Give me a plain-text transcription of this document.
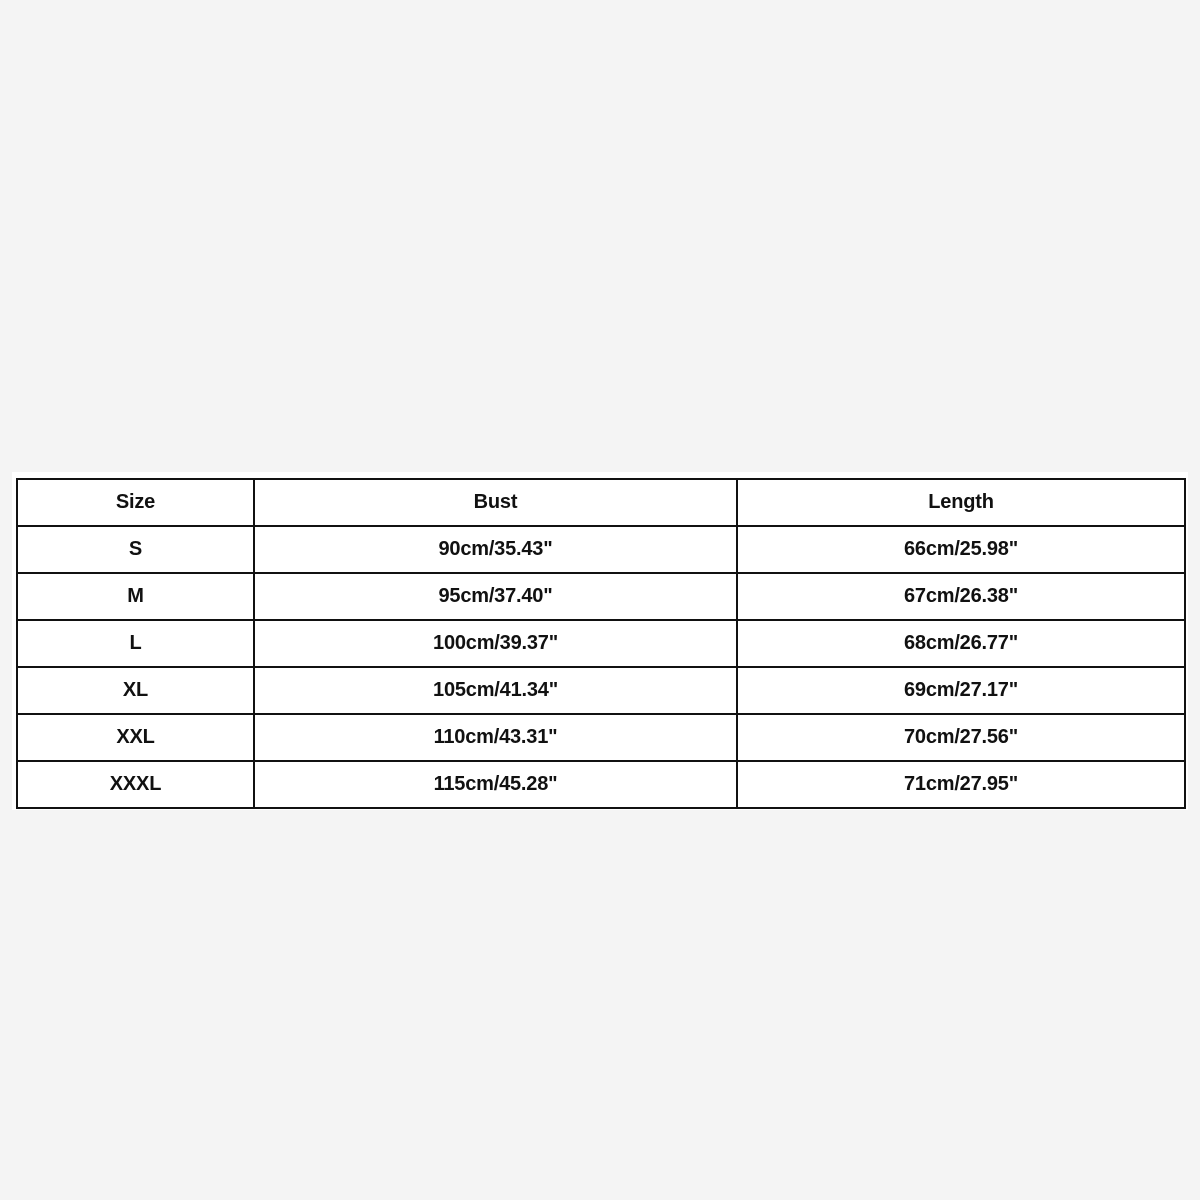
Size	Bust	Length
S	90cm/35.43"	66cm/25.98"
M	95cm/37.40"	67cm/26.38"
L	100cm/39.37"	68cm/26.77"
XL	105cm/41.34"	69cm/27.17"
XXL	110cm/43.31"	70cm/27.56"
XXXL	115cm/45.28"	71cm/27.95"
